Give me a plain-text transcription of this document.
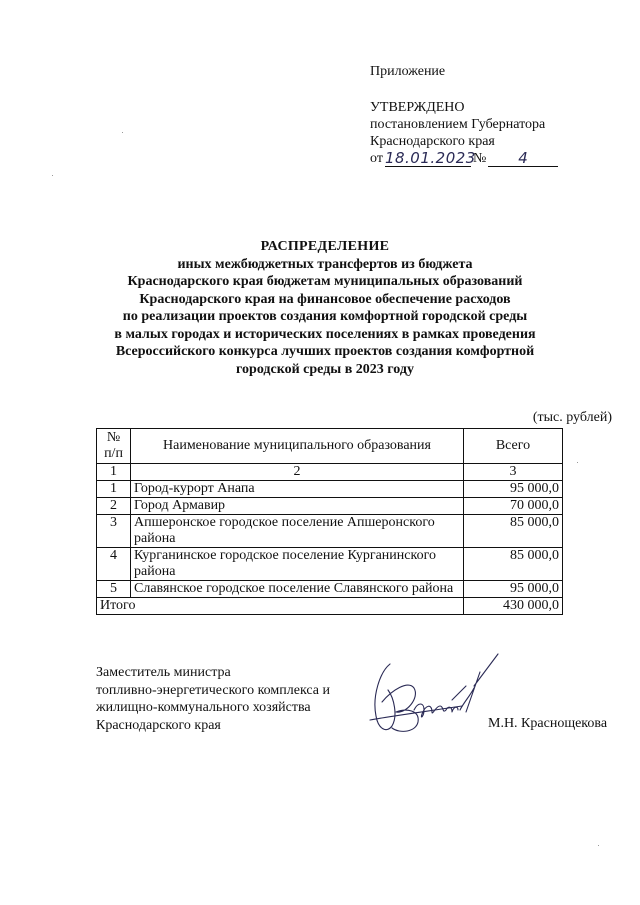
Приложение
УТВЕРЖДЕНО
постановлением Губернатора
Краснодарского края
от 18.01.2023
№	4
РАСПРЕДЕЛЕНИЕ
иных межбюджетных трансфертов из бюджета
Краснодарского края бюджетам муниципальных образований
Краснодарского края на финансовое обеспечение расходов
по реализации проектов создания комфортной городской среды
в малых городах и исторических поселениях в рамках проведения
Всероссийского конкурса лучших проектов создания комфортной
городской среды в 2023 году
(тыс. рублей)
№ п/п	Наименование муниципального образования	Всего
1	2	3
1	Город-курорт Анапа	95 000,0
2	Город Армавир	70 000,0
3	Апшеронское городское поселение Апшеронского района	85 000,0
4	Курганинское городское поселение Курганинского района	85 000,0
5	Славянское городское поселение Славянского района	95 000,0
Итого		430 000,0
Заместитель министра
топливно-энергетического комплекса и
жилищно-коммунального хозяйства
Краснодарского края	М.Н. Краснощекова
